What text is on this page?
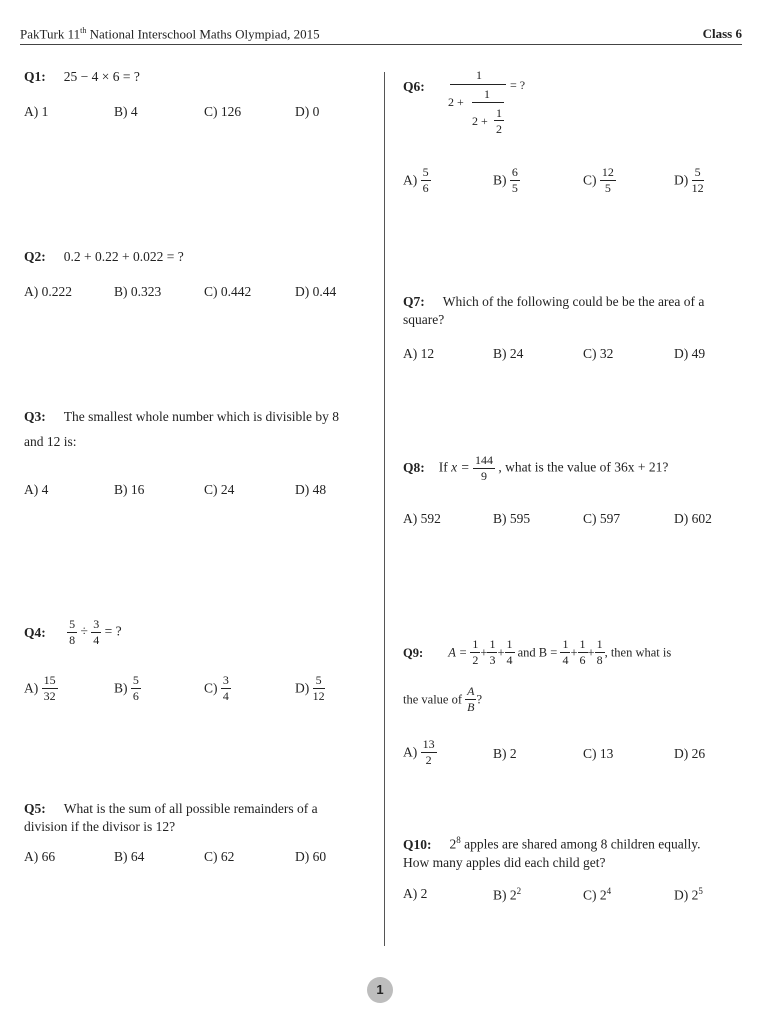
PakTurk 11th National Interschool Maths Olympiad, 2015	Class 6
Q1: 25 − 4 × 6 = ?
A) 1	B) 4	C) 126	D) 0
Q2: 0.2 + 0.22 + 0.022 = ?
A) 0.222	B) 0.323	C) 0.442	D) 0.44
Q3: The smallest whole number which is divisible by 8
and 12 is:
A) 4	B) 16	C) 24	D) 48
Q4: $\frac{5}{8} \div \frac{3}{4}$ = ?
$A) \frac{15}{32}$	$B) \frac{5}{6}$	$C) \frac{3}{4}$	$D) \frac{5}{12}$
Q5: What is the sum of all possible remainders of a
division if the divisor is 12?
A) 66	B) 64	C) 62	D) 60
Q6:
1
2 +
1
2 +
1
2
= ?
$A) \frac{5}{6}$	$B) \frac{6}{5}$	$C) \frac{12}{5}$	$D) \frac{5}{12}$
Q7: Which of the following could be be the area of a
square?
A) 12	B) 24	C) 32	D) 49
Q8: If $x = \frac{144}{9}$ , what is the value of 36x + 21?
A) 592	B) 595	C) 597	D) 602
Q9: $A = \frac{1}{2} + \frac{1}{3} + \frac{1}{4}$ and $B = \frac{1}{4} + \frac{1}{6} + \frac{1}{8}$ , then what is
the value of $\frac{A}{B}$ ?
$A) \frac{13}{2}$	B) 2	C) 13	D) 26
Q10: $2^8$ apples are shared among 8 children equally.
How many apples did each child get?
A) 2	B) $2^2$	C) $2^4$	D) $2^5$
1
